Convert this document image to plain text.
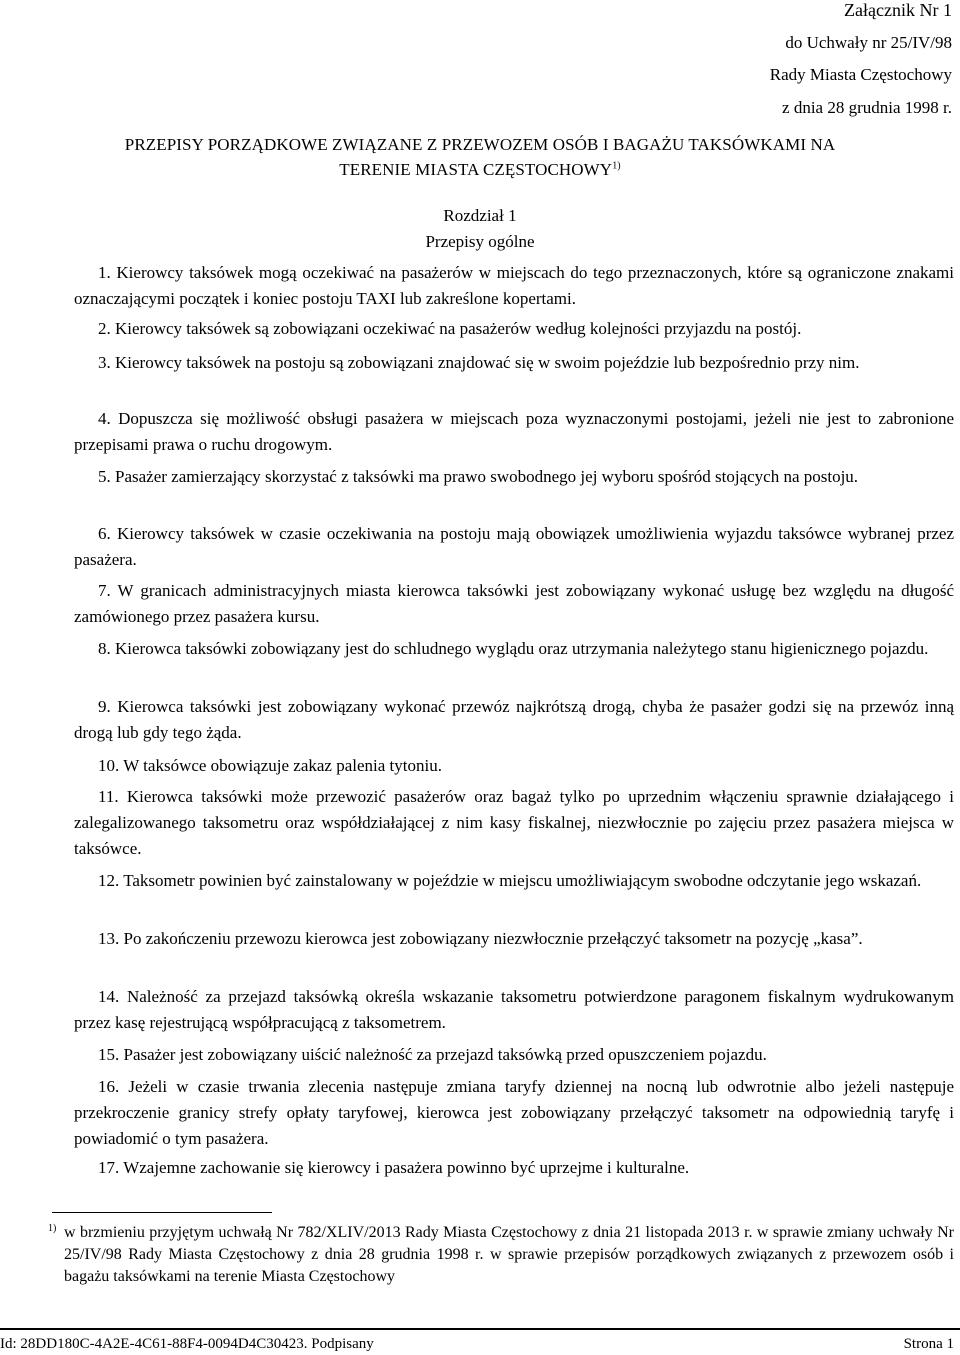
Załącznik Nr 1
do Uchwały nr 25/IV/98
Rady Miasta Częstochowy
z dnia 28 grudnia 1998 r.
PRZEPISY PORZĄDKOWE ZWIĄZANE Z PRZEWOZEM OSÓB I BAGAŻU TAKSÓWKAMI NA
TERENIE MIASTA CZĘSTOCHOWY$^{1)}$
Rozdział 1
Przepisy ogólne
1. Kierowcy taksówek mogą oczekiwać na pasażerów w miejscach do tego przeznaczonych, które są ograniczone znakami oznaczającymi początek i koniec postoju TAXI lub zakreślone kopertami.
2. Kierowcy taksówek są zobowiązani oczekiwać na pasażerów według kolejności przyjazdu na postój.
3. Kierowcy taksówek na postoju są zobowiązani znajdować się w swoim pojeździe lub bezpośrednio przy nim.
4. Dopuszcza się możliwość obsługi pasażera w miejscach poza wyznaczonymi postojami, jeżeli nie jest to zabronione przepisami prawa o ruchu drogowym.
5. Pasażer zamierzający skorzystać z taksówki ma prawo swobodnego jej wyboru spośród stojących na postoju.
6. Kierowcy taksówek w czasie oczekiwania na postoju mają obowiązek umożliwienia wyjazdu taksówce wybranej przez pasażera.
7. W granicach administracyjnych miasta kierowca taksówki jest zobowiązany wykonać usługę bez względu na długość zamówionego przez pasażera kursu.
8. Kierowca taksówki zobowiązany jest do schludnego wyglądu oraz utrzymania należytego stanu higienicznego pojazdu.
9. Kierowca taksówki jest zobowiązany wykonać przewóz najkrótszą drogą, chyba że pasażer godzi się na przewóz inną drogą lub gdy tego żąda.
10. W taksówce obowiązuje zakaz palenia tytoniu.
11. Kierowca taksówki może przewozić pasażerów oraz bagaż tylko po uprzednim włączeniu sprawnie działającego i zalegalizowanego taksometru oraz współdziałającej z nim kasy fiskalnej, niezwłocznie po zajęciu przez pasażera miejsca w taksówce.
12. Taksometr powinien być zainstalowany w pojeździe w miejscu umożliwiającym swobodne odczytanie jego wskazań.
13. Po zakończeniu przewozu kierowca jest zobowiązany niezwłocznie przełączyć taksometr na pozycję „kasa”.
14. Należność za przejazd taksówką określa wskazanie taksometru potwierdzone paragonem fiskalnym wydrukowanym przez kasę rejestrującą współpracującą z taksometrem.
15. Pasażer jest zobowiązany uiścić należność za przejazd taksówką przed opuszczeniem pojazdu.
16. Jeżeli w czasie trwania zlecenia następuje zmiana taryfy dziennej na nocną lub odwrotnie albo jeżeli następuje przekroczenie granicy strefy opłaty taryfowej, kierowca jest zobowiązany przełączyć taksometr na odpowiednią taryfę i powiadomić o tym pasażera.
17. Wzajemne zachowanie się kierowcy i pasażera powinno być uprzejme i kulturalne.
1) w brzmieniu przyjętym uchwałą Nr 782/XLIV/2013 Rady Miasta Częstochowy z dnia 21 listopada 2013 r. w sprawie zmiany uchwały Nr 25/IV/98 Rady Miasta Częstochowy z dnia 28 grudnia 1998 r. w sprawie przepisów porządkowych związanych z przewozem osób i bagażu taksówkami na terenie Miasta Częstochowy
Id: 28DD180C-4A2E-4C61-88F4-0094D4C30423. Podpisany	Strona 1
